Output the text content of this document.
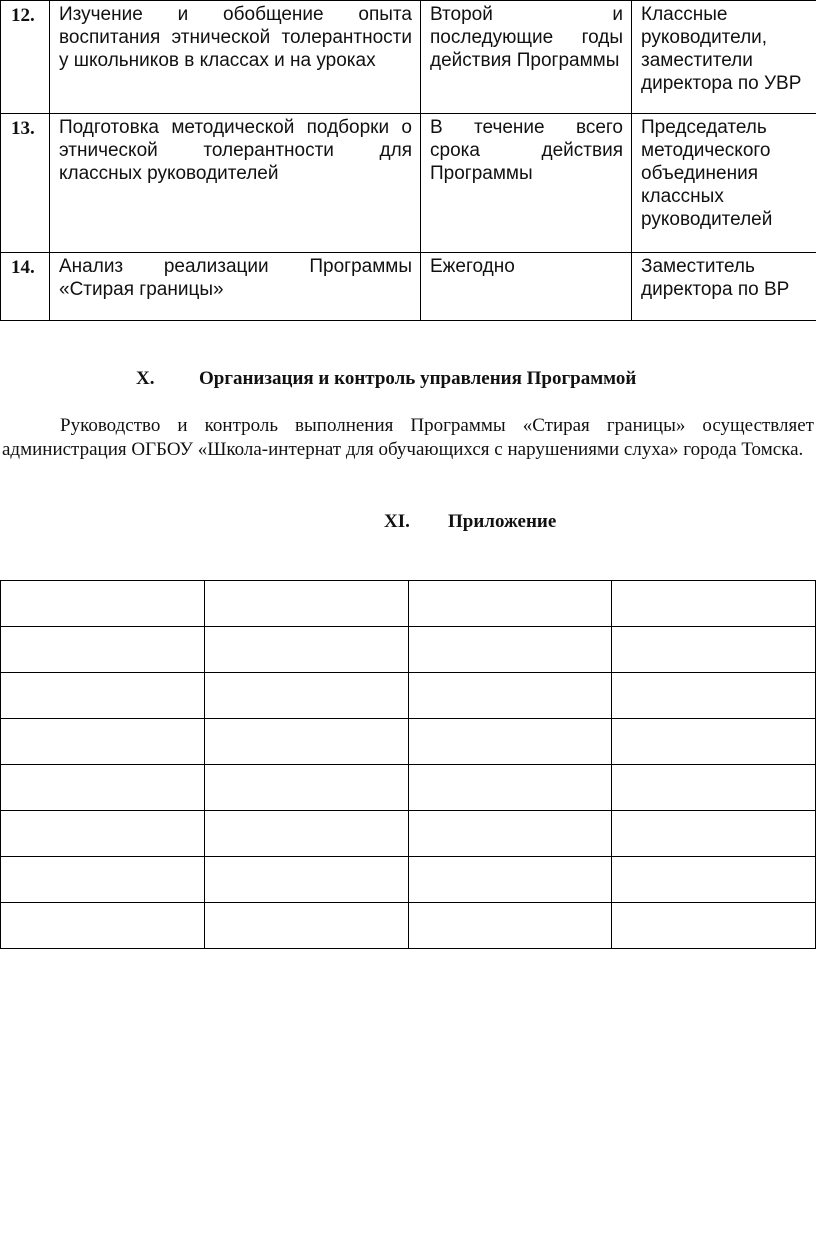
12.	Изучение и обобщение опыта воспитания этнической толерантности у школьников в классах и на уроках	Второй и последующие годы действия Программы	Классные руководители, заместители директора по УВР
13.	Подготовка методической подборки о этнической толерантности для классных руководителей	В течение всего срока действия Программы	Председатель методического объединения классных руководителей
14.	Анализ реализации Программы «Стирая границы»	Ежегодно	Заместитель директора по ВР
X. Организация и контроль управления Программой

Руководство и контроль выполнения Программы «Стирая границы» осуществляет администрация ОГБОУ «Школа-интернат для обучающихся с нарушениями слуха» города Томска.

XI. Приложение
